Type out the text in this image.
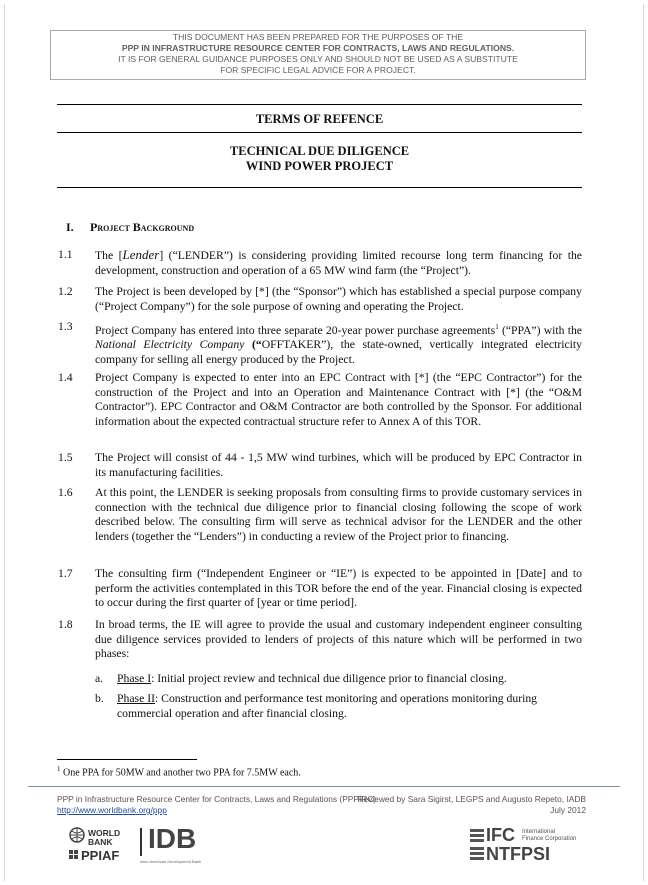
THIS DOCUMENT HAS BEEN PREPARED FOR THE PURPOSES OF THE
PPP IN INFRASTRUCTURE RESOURCE CENTER FOR CONTRACTS, LAWS AND REGULATIONS.
IT IS FOR GENERAL GUIDANCE PURPOSES ONLY AND SHOULD NOT BE USED AS A SUBSTITUTE
FOR SPECIFIC LEGAL ADVICE FOR A PROJECT.
TERMS OF REFENCE
TECHNICAL DUE DILIGENCE
WIND POWER PROJECT
I. Project Background
1.1 The [Lender] (“LENDER”) is considering providing limited recourse long term financing for the development, construction and operation of a 65 MW wind farm (the “Project”).
1.2 The Project is been developed by [*] (the “Sponsor”) which has established a special purpose company (“Project Company”) for the sole purpose of owning and operating the Project.
1.3 Project Company has entered into three separate 20-year power purchase agreements$^1$ (“PPA”) with the National Electricity Company (“OFFTAKER”), the state-owned, vertically integrated electricity company for selling all energy produced by the Project.
1.4 Project Company is expected to enter into an EPC Contract with [*] (the “EPC Contractor”) for the construction of the Project and into an Operation and Maintenance Contract with [*] (the “O&M Contractor”). EPC Contractor and O&M Contractor are both controlled by the Sponsor. For additional information about the expected contractual structure refer to Annex A of this TOR.
1.5 The Project will consist of 44 - 1,5 MW wind turbines, which will be produced by EPC Contractor in its manufacturing facilities.
1.6 At this point, the LENDER is seeking proposals from consulting firms to provide customary services in connection with the technical due diligence prior to financial closing following the scope of work described below. The consulting firm will serve as technical advisor for the LENDER and the other lenders (together the “Lenders”) in conducting a review of the Project prior to financing.
1.7 The consulting firm (“Independent Engineer or “IE”) is expected to be appointed in [Date] and to perform the activities contemplated in this TOR before the end of the year. Financial closing is expected to occur during the first quarter of [year or time period].
1.8 In broad terms, the IE will agree to provide the usual and customary independent engineer consulting due diligence services provided to lenders of projects of this nature which will be performed in two phases:
a. Phase I: Initial project review and technical due diligence prior to financial closing.
b. Phase II: Construction and performance test monitoring and operations monitoring during commercial operation and after financial closing.
$^1$ One PPA for 50MW and another two PPA for 7.5MW each.
PPP in Infrastructure Resource Center for Contracts, Laws and Regulations (PPPIRC)
http://www.worldbank.org/ppp
Reviewed by Sara Sigirst, LEGPS and Augusto Repeto, IADB
July 2012
WORLD
BANK
PPIAF
IDB
Inter-American Development Bank
IFC International
Finance Corporation
NTFPSI
